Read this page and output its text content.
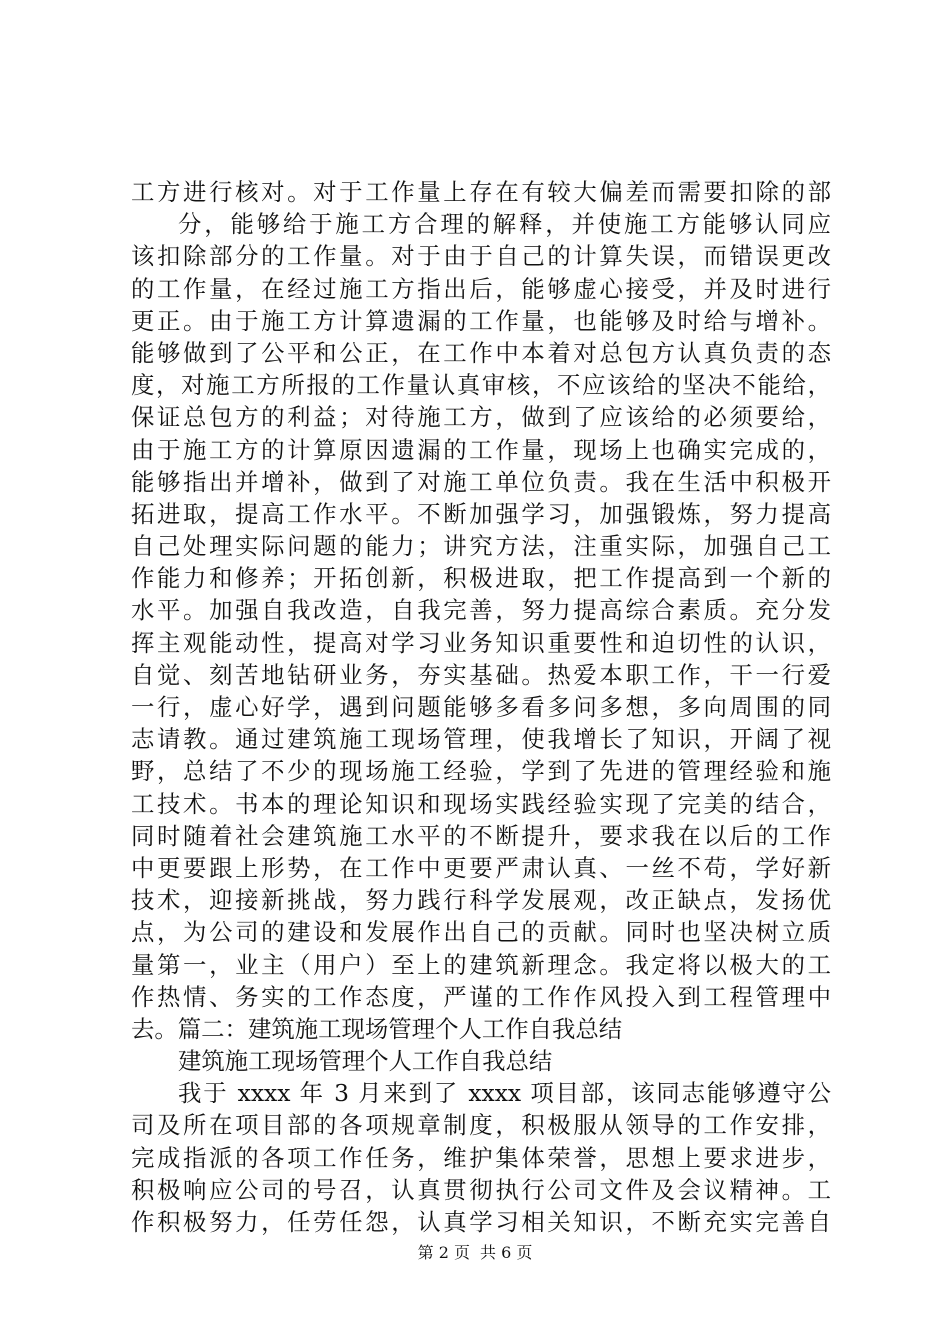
工方进行核对。对于工作量上存在有较大偏差而需要扣除的部
分，能够给于施工方合理的解释，并使施工方能够认同应
该扣除部分的工作量。对于由于自己的计算失误，而错误更改
的工作量，在经过施工方指出后，能够虚心接受，并及时进行
更正。由于施工方计算遗漏的工作量，也能够及时给与增补。
能够做到了公平和公正，在工作中本着对总包方认真负责的态
度，对施工方所报的工作量认真审核，不应该给的坚决不能给，
保证总包方的利益；对待施工方，做到了应该给的必须要给，
由于施工方的计算原因遗漏的工作量，现场上也确实完成的，
能够指出并增补，做到了对施工单位负责。我在生活中积极开
拓进取，提高工作水平。不断加强学习，加强锻炼，努力提高
自己处理实际问题的能力；讲究方法，注重实际，加强自己工
作能力和修养；开拓创新，积极进取，把工作提高到一个新的
水平。加强自我改造，自我完善，努力提高综合素质。充分发
挥主观能动性，提高对学习业务知识重要性和迫切性的认识，
自觉、刻苦地钻研业务，夯实基础。热爱本职工作，干一行爱
一行，虚心好学，遇到问题能够多看多问多想，多向周围的同
志请教。通过建筑施工现场管理，使我增长了知识，开阔了视
野，总结了不少的现场施工经验，学到了先进的管理经验和施
工技术。书本的理论知识和现场实践经验实现了完美的结合，
同时随着社会建筑施工水平的不断提升，要求我在以后的工作
中更要跟上形势，在工作中更要严肃认真、一丝不苟，学好新
技术，迎接新挑战，努力践行科学发展观，改正缺点，发扬优
点，为公司的建设和发展作出自己的贡献。同时也坚决树立质
量第一，业主（用户）至上的建筑新理念。我定将以极大的工
作热情、务实的工作态度，严谨的工作作风投入到工程管理中
去。篇二：建筑施工现场管理个人工作自我总结
建筑施工现场管理个人工作自我总结
我于 xxxx 年 3 月来到了 xxxx 项目部，该同志能够遵守公
司及所在项目部的各项规章制度，积极服从领导的工作安排，
完成指派的各项工作任务，维护集体荣誉，思想上要求进步，
积极响应公司的号召，认真贯彻执行公司文件及会议精神。工
作积极努力，任劳任怨，认真学习相关知识，不断充实完善自
第 2 页 共 6 页
